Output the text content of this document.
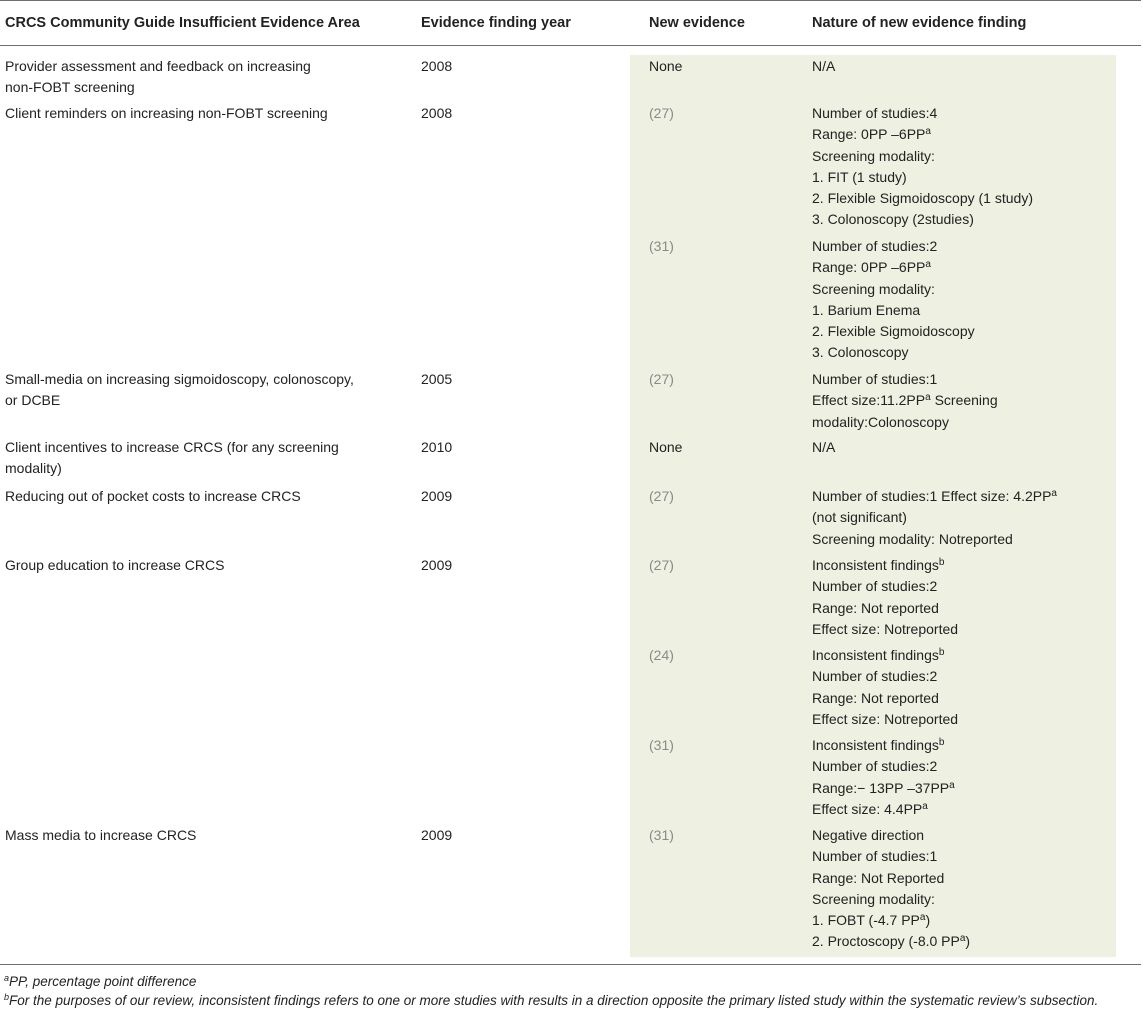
CRCS Community Guide Insufficient Evidence Area	Evidence finding year	New evidence	Nature of new evidence finding
Provider assessment and feedback on increasing
non-FOBT screening
2008	None	N/A
Client reminders on increasing non-FOBT screening	2008	(27)	Number of studies:4
Range: 0PP $-6PP^a$
Screening modality:
1. FIT (1 study)
2. Flexible Sigmoidoscopy (1 study)
3. Colonoscopy (2studies)
(31)	Number of studies:2
Range: 0PP $-6PP^a$
Screening modality:
1. Barium Enema
2. Flexible Sigmoidoscopy
3. Colonoscopy
Small-media on increasing sigmoidoscopy, colonoscopy,
or DCBE
2005	(27)	Number of studies:1
Effect $size:11.2PP^a$ Screening
modality:Colonoscopy
Client incentives to increase CRCS (for any screening
modality)
2010	None	N/A
Reducing out of pocket costs to increase CRCS	2009	(27)	Number of studies:1 Effect size: $4.2PP^a$
(not significant)
Screening modality: Notreported
Group education to increase CRCS	2009	(27)	Inconsistent findings$^b$
Number of studies:2
Range: Not reported
Effect size: Notreported
(24)	Inconsistent findings$^b$
Number of studies:2
Range: Not reported
Effect size: Notreported
(31)	Inconsistent findings$^b$
Number of studies:2
Range:− 13PP $-37PP^a$
Effect size: $4.4PP^a$
Mass media to increase CRCS	2009	(31)	Negative direction
Number of studies:1
Range: Not Reported
Screening modality:
1. FOBT (-4.7 $PP^a$)
2. Proctoscopy (-8.0 $PP^a$)
$^a$PP, percentage point difference
$^b$For the purposes of our review, inconsistent findings refers to one or more studies with results in a direction opposite the primary listed study within the systematic review’s subsection.
